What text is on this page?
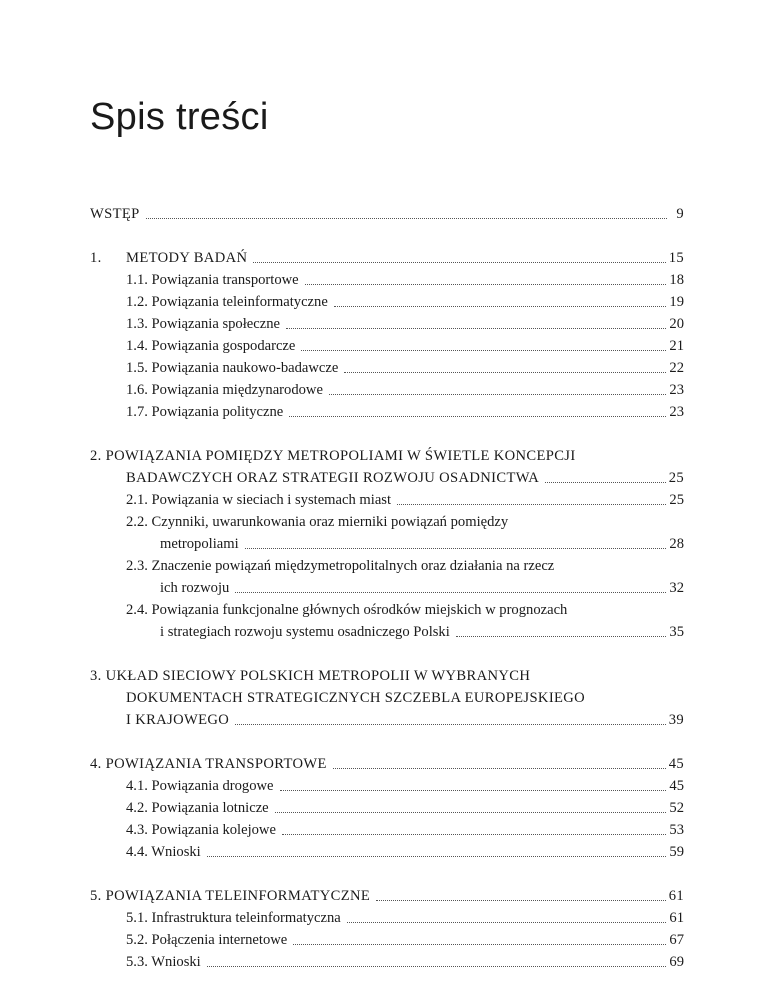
Spis treści
WSTĘP	9
1. METODY BADAŃ	15
1.1. Powiązania transportowe	18
1.2. Powiązania teleinformatyczne	19
1.3. Powiązania społeczne	20
1.4. Powiązania gospodarcze	21
1.5. Powiązania naukowo-badawcze	22
1.6. Powiązania międzynarodowe	23
1.7. Powiązania polityczne	23
2. POWIĄZANIA POMIĘDZY METROPOLIAMI W ŚWIETLE KONCEPCJI
BADAWCZYCH ORAZ STRATEGII ROZWOJU OSADNICTWA	25
2.1. Powiązania w sieciach i systemach miast	25
2.2. Czynniki, uwarunkowania oraz mierniki powiązań pomiędzy
metropoliami	28
2.3. Znaczenie powiązań międzymetropolitalnych oraz działania na rzecz
ich rozwoju	32
2.4. Powiązania funkcjonalne głównych ośrodków miejskich w prognozach
i strategiach rozwoju systemu osadniczego Polski	35
3. UKŁAD SIECIOWY POLSKICH METROPOLII W WYBRANYCH
DOKUMENTACH STRATEGICZNYCH SZCZEBLA EUROPEJSKIEGO
I KRAJOWEGO	39
4. POWIĄZANIA TRANSPORTOWE	45
4.1. Powiązania drogowe	45
4.2. Powiązania lotnicze	52
4.3. Powiązania kolejowe	53
4.4. Wnioski	59
5. POWIĄZANIA TELEINFORMATYCZNE	61
5.1. Infrastruktura teleinformatyczna	61
5.2. Połączenia internetowe	67
5.3. Wnioski	69
